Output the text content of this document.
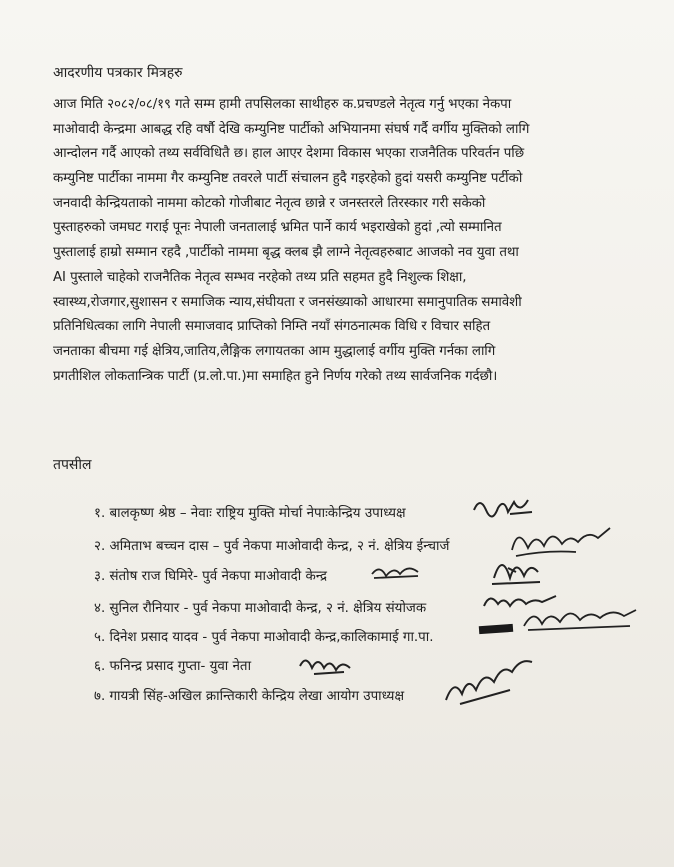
आदरणीय पत्रकार मित्रहरु
आज मिति २०८२/०८/१९ गते सम्म हामी तपसिलका साथीहरु क.प्रचण्डले नेतृत्व गर्नु भएका नेकपा
माओवादी केन्द्रमा आबद्ध रहि वर्षौ देखि कम्युनिष्ट पार्टीको अभियानमा संघर्ष गर्दै वर्गीय मुक्तिको लागि
आन्दोलन गर्दै आएको तथ्य सर्वविधितै छ। हाल आएर देशमा विकास भएका राजनैतिक परिवर्तन पछि
कम्युनिष्ट पार्टीका नाममा गैर कम्युनिष्ट तवरले पार्टी संचालन हुदै गइरहेको हुदां यसरी कम्युनिष्ट पर्टीको
जनवादी केन्द्रियताको नाममा कोटको गोजीबाट नेतृत्व छान्ने र जनस्तरले तिरस्कार गरी सकेको
पुस्ताहरुको जमघट गराई पूनः नेपाली जनतालाई भ्रमित पार्ने कार्य भइराखेको हुदां ,त्यो सम्मानित
पुस्तालाई हाम्रो सम्मान रहदै ,पार्टीको नाममा बृद्ध क्लब झै लाग्ने नेतृत्वहरुबाट आजको नव युवा तथा
AI पुस्ताले चाहेको राजनैतिक नेतृत्व सम्भव नरहेको तथ्य प्रति सहमत हुदै निशुल्क शिक्षा,
स्वास्थ्य,रोजगार,सुशासन र समाजिक न्याय,संघीयता र जनसंख्याको आधारमा समानुपातिक समावेशी
प्रतिनिधित्वका लागि नेपाली समाजवाद प्राप्तिको निम्ति नयाँ संगठनात्मक विधि र विचार सहित
जनताका बीचमा गई क्षेत्रिय,जातिय,लैङ्गिक लगायतका आम मुद्धालाई वर्गीय मुक्ति गर्नका लागि
प्रगतीशिल लोकतान्त्रिक पार्टी (प्र.लो.पा.)मा समाहित हुने निर्णय गरेको तथ्य सार्वजनिक गर्दछौ।
तपसील
१. बालकृष्ण श्रेष्ठ – नेवाः राष्ट्रिय मुक्ति मोर्चा नेपाःकेन्द्रिय उपाध्यक्ष
२. अमिताभ बच्चन दास – पुर्व नेकपा माओवादी केन्द्र, २ नं. क्षेत्रिय ईन्चार्ज
३. संतोष राज घिमिरे- पुर्व नेकपा माओवादी केन्द्र
४. सुनिल रौनियार - पुर्व नेकपा माओवादी केन्द्र, २ नं. क्षेत्रिय संयोजक
५. दिनेश प्रसाद यादव - पुर्व नेकपा माओवादी केन्द्र,कालिकामाई गा.पा.
६. फनिन्द्र प्रसाद गुप्ता- युवा नेता
७. गायत्री सिंह-अखिल क्रान्तिकारी केन्द्रिय लेखा आयोग उपाध्यक्ष
